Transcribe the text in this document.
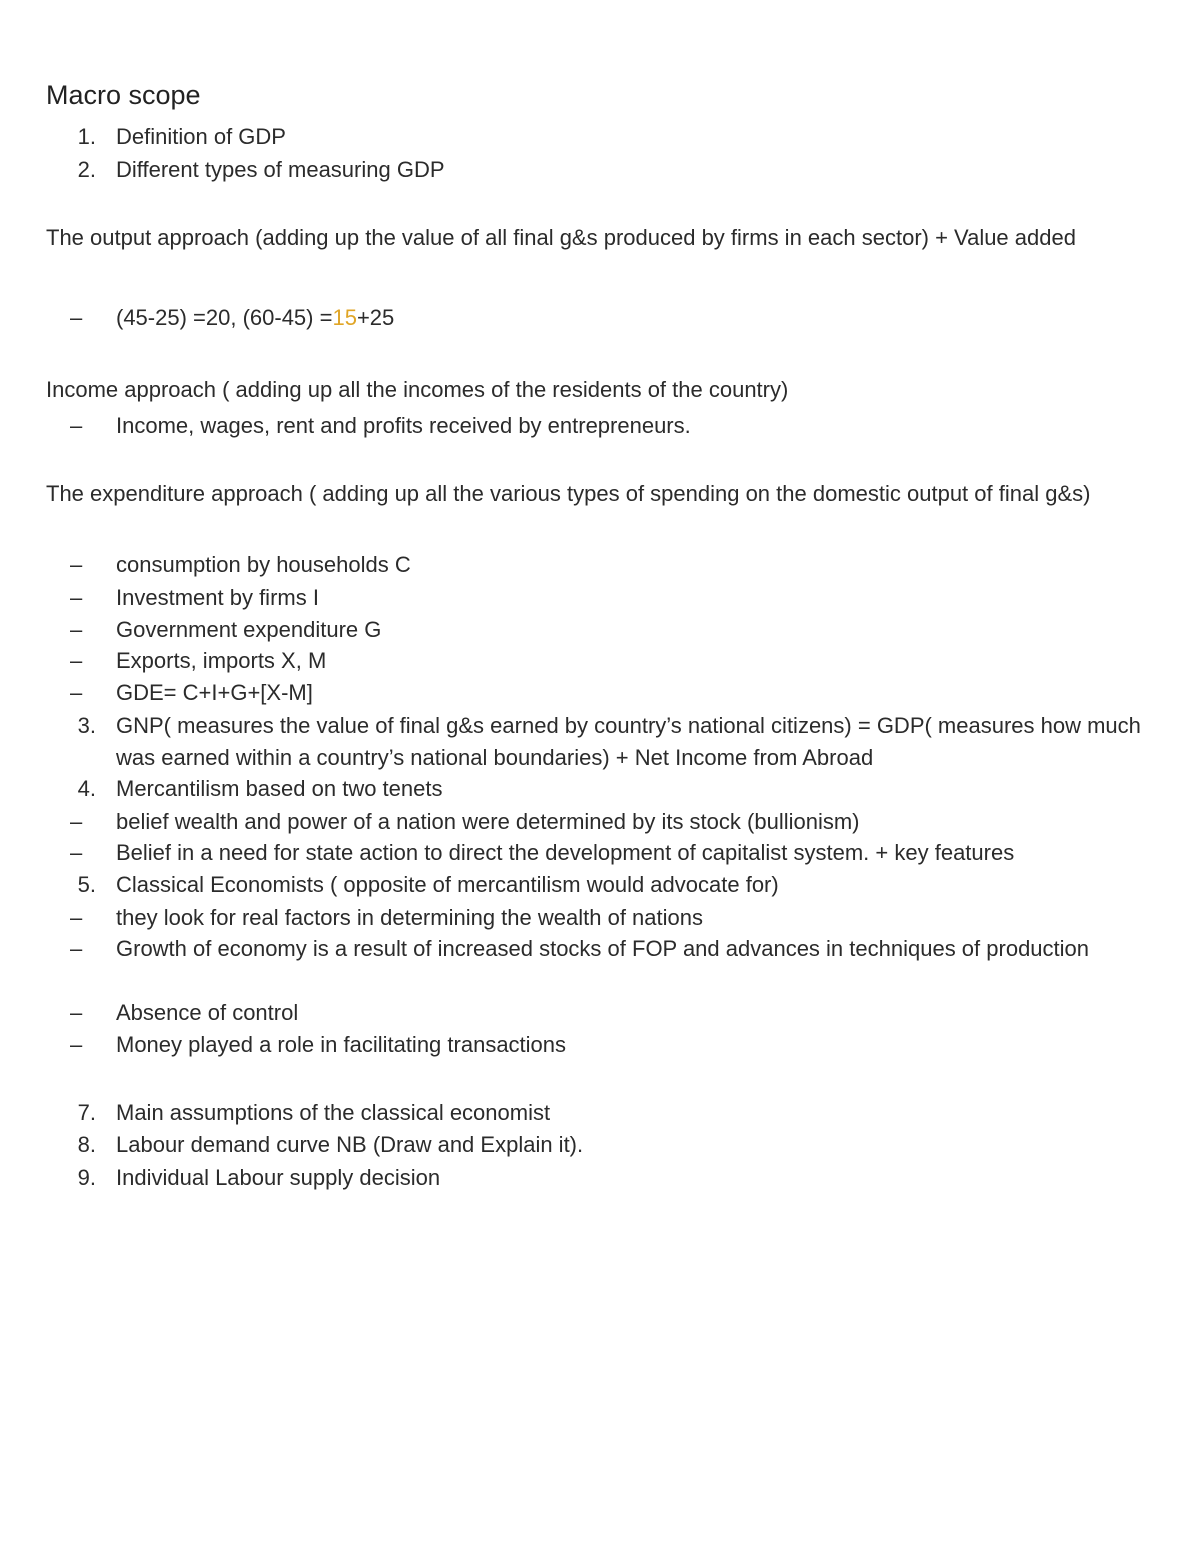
Macro scope
1. Definition of GDP
2. Different types of measuring GDP

The output approach (adding up the value of all final g&s produced by firms in each sector) + Value added

– (45-25) =20, (60-45) =15+25

Income approach ( adding up all the incomes of the residents of the country)

– Income, wages, rent and profits received by entrepreneurs.

The expenditure approach ( adding up all the various types of spending on the domestic output of final g&s)

– consumption by households C
– Investment by firms I
– Government expenditure G
– Exports, imports X, M
– GDE= C+I+G+[X-M]
3. GNP( measures the value of final g&s earned by country’s national citizens) = GDP( measures how much was earned within a country’s national boundaries) + Net Income from Abroad
4. Mercantilism based on two tenets
– belief wealth and power of a nation were determined by its stock (bullionism)
– Belief in a need for state action to direct the development of capitalist system. + key features
5. Classical Economists ( opposite of mercantilism would advocate for)
– they look for real factors in determining the wealth of nations
– Growth of economy is a result of increased stocks of FOP and advances in techniques of production
– Absence of control
– Money played a role in facilitating transactions
7. Main assumptions of the classical economist
8. Labour demand curve NB (Draw and Explain it).
9. Individual Labour supply decision
